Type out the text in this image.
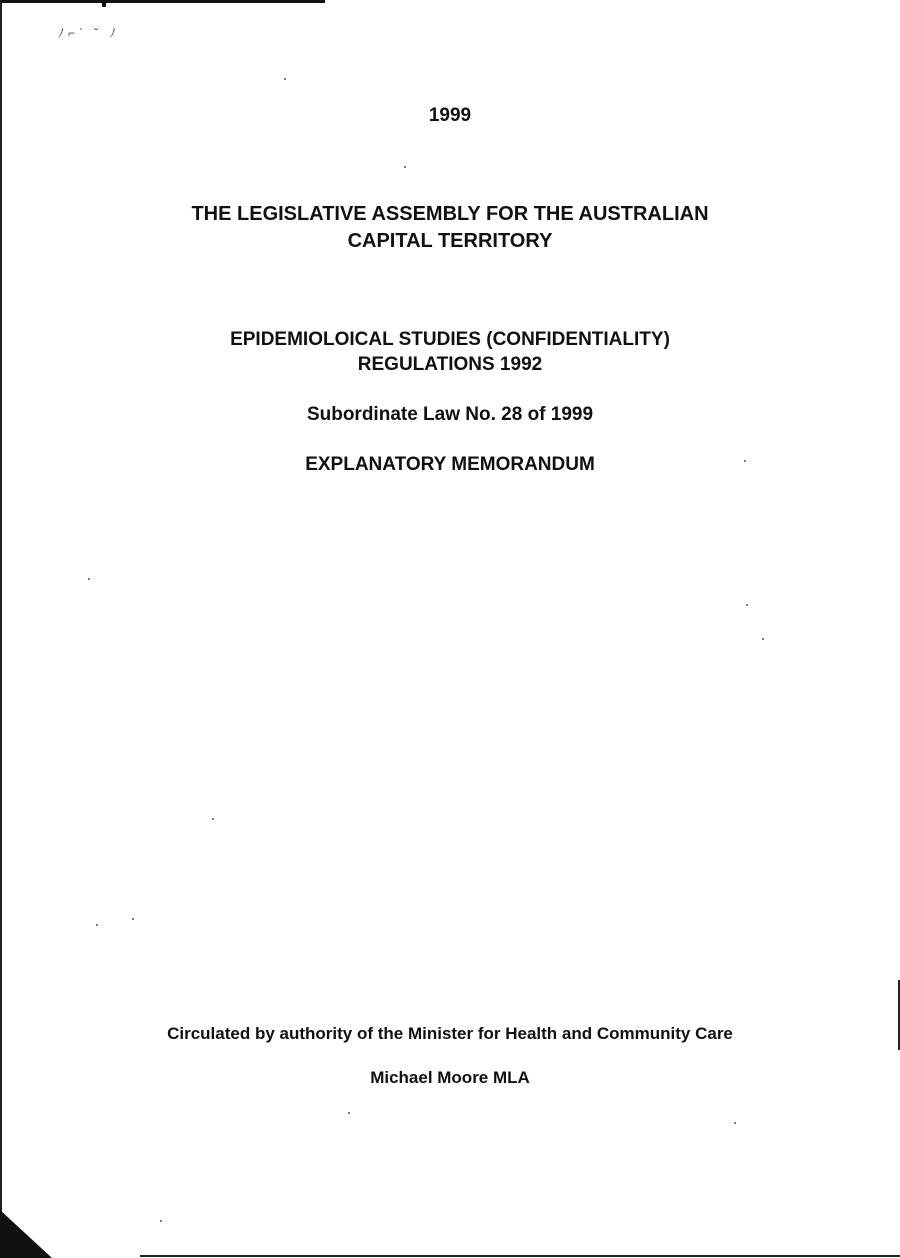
ﾉ⌐ˋ ˘ ﾉ
1999
THE LEGISLATIVE ASSEMBLY FOR THE AUSTRALIAN
CAPITAL TERRITORY
EPIDEMIOLOICAL STUDIES (CONFIDENTIALITY)
REGULATIONS 1992
Subordinate Law No. 28 of 1999
EXPLANATORY MEMORANDUM
Circulated by authority of the Minister for Health and Community Care
Michael Moore MLA
